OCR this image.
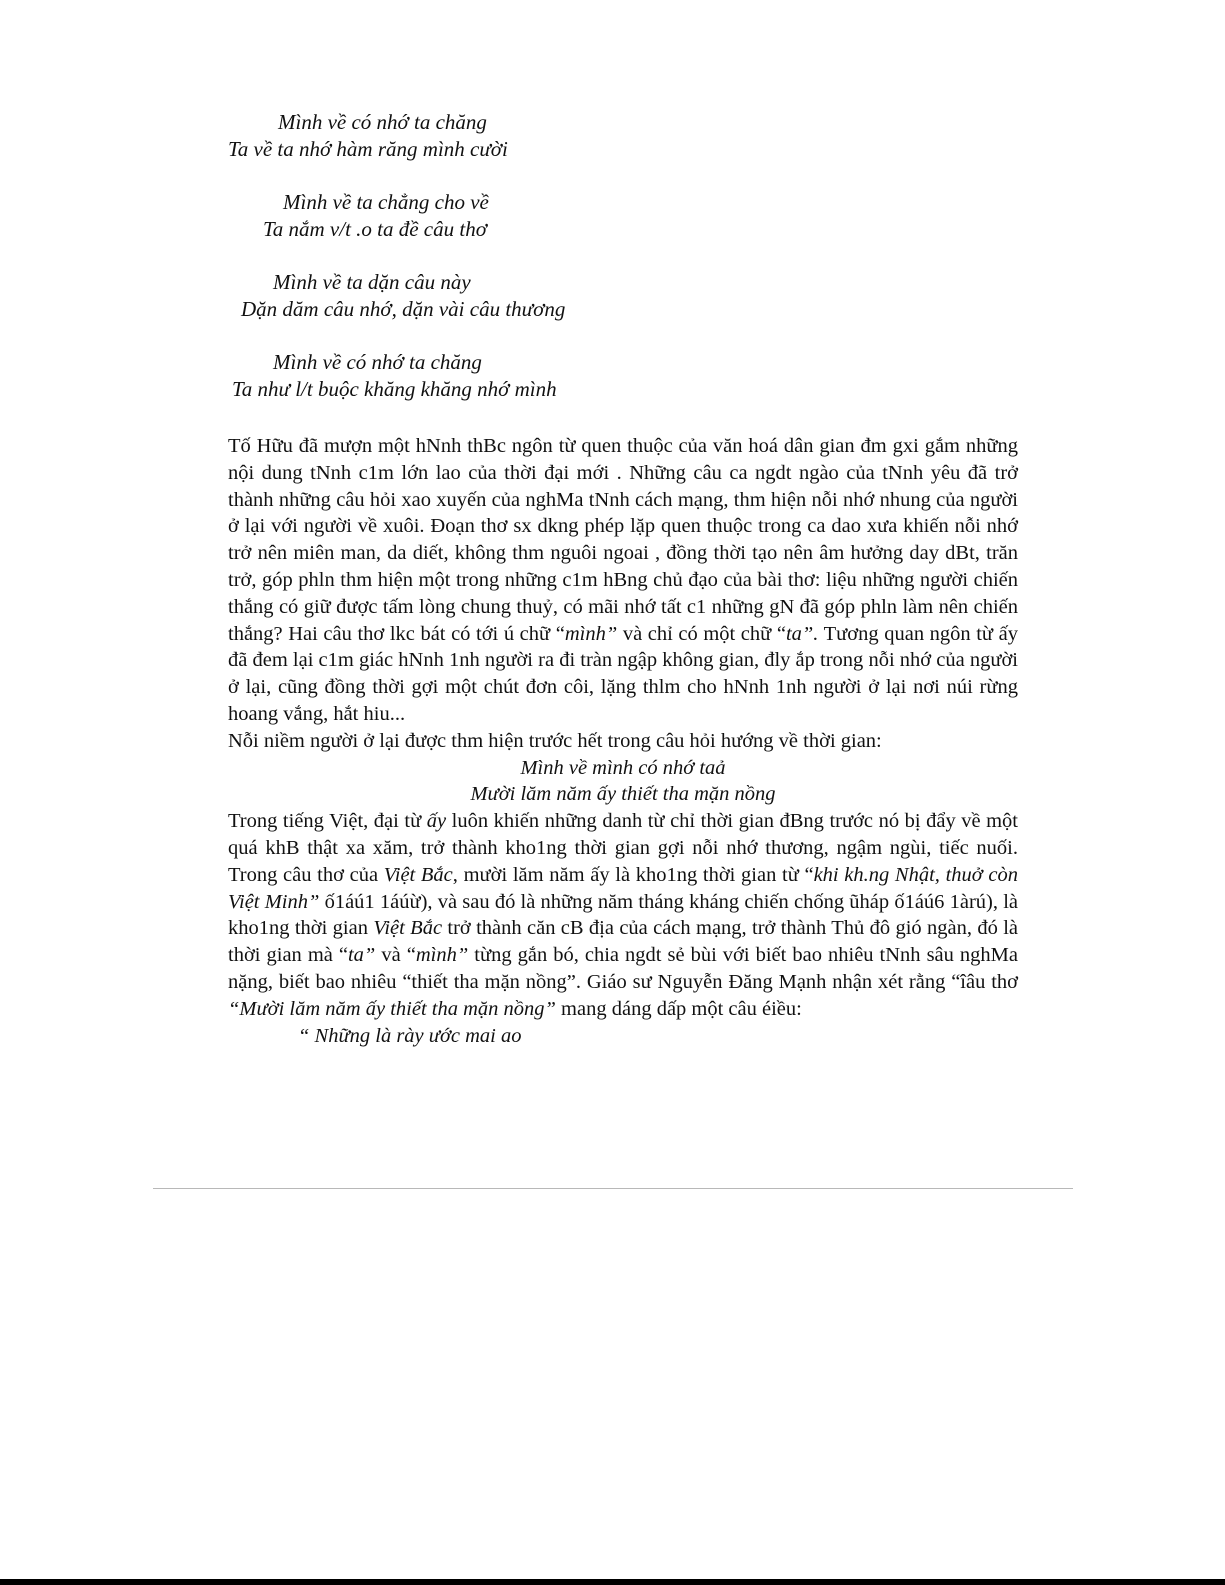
Mình về có nhớ ta chăng
Ta về ta nhớ hàm răng mình cười
Mình về ta chẳng cho về
Ta nắm v/t .o ta đề câu thơ
Mình về ta dặn câu này
Dặn dăm câu nhớ, dặn vài câu thương
Mình về có nhớ ta chăng
Ta như l/t buộc khăng khăng nhớ mình

Tố Hữu đã mượn một hNnh thBc ngôn từ quen thuộc của văn hoá dân gian đm gxi gắm những nội dung tNnh c1m lớn lao của thời đại mới . Những câu ca ngdt ngào của tNnh yêu đã trở thành những câu hỏi xao xuyến của nghMa tNnh cách mạng, thm hiện nỗi nhớ nhung của người ở lại với người về xuôi. Đoạn thơ sx dkng phép lặp quen thuộc trong ca dao xưa khiến nỗi nhớ trở nên miên man, da diết, không thm nguôi ngoai , đồng thời tạo nên âm hưởng day dBt, trăn trở, góp phln thm hiện một trong những c1m hBng chủ đạo của bài thơ: liệu những người chiến thắng có giữ được tấm lòng chung thuỷ, có mãi nhớ tất c1 những gN đã góp phln làm nên chiến thắng? Hai câu thơ lkc bát có tới ú chữ “mình” và chỉ có một chữ “ta”. Tương quan ngôn từ ấy đã đem lại c1m giác hNnh 1nh người ra đi tràn ngập không gian, đly ắp trong nỗi nhớ của người ở lại, cũng đồng thời gợi một chút đơn côi, lặng thlm cho hNnh 1nh người ở lại nơi núi rừng hoang vắng, hắt hiu...

Nỗi niềm người ở lại được thm hiện trước hết trong câu hỏi hướng về thời gian:

Mình về mình có nhớ taả

Mười lăm năm ấy thiết tha mặn nồng

Trong tiếng Việt, đại từ ấy luôn khiến những danh từ chỉ thời gian đBng trước nó bị đẩy về một quá khB thật xa xăm, trở thành kho1ng thời gian gợi nỗi nhớ thương, ngậm ngùi, tiếc nuối. Trong câu thơ của Việt Bắc, mười lăm năm ấy là kho1ng thời gian từ “khi kh.ng Nhật, thuở còn Việt Minh” ố1áú1 1áúừ), và sau đó là những năm tháng kháng chiến chống ũháp ố1áú6 1àrú), là kho1ng thời gian Việt Bắc trở thành căn cB địa của cách mạng, trở thành Thủ đô gió ngàn, đó là thời gian mà “ta” và “mình” từng gắn bó, chia ngdt sẻ bùi với biết bao nhiêu tNnh sâu nghMa nặng, biết bao nhiêu “thiết tha mặn nồng”. Giáo sư Nguyễn Đăng Mạnh nhận xét rằng “îâu thơ “Mười lăm năm ấy thiết tha mặn nồng” mang dáng dấp một câu éiều:

“ Những là rày ước mai ao
